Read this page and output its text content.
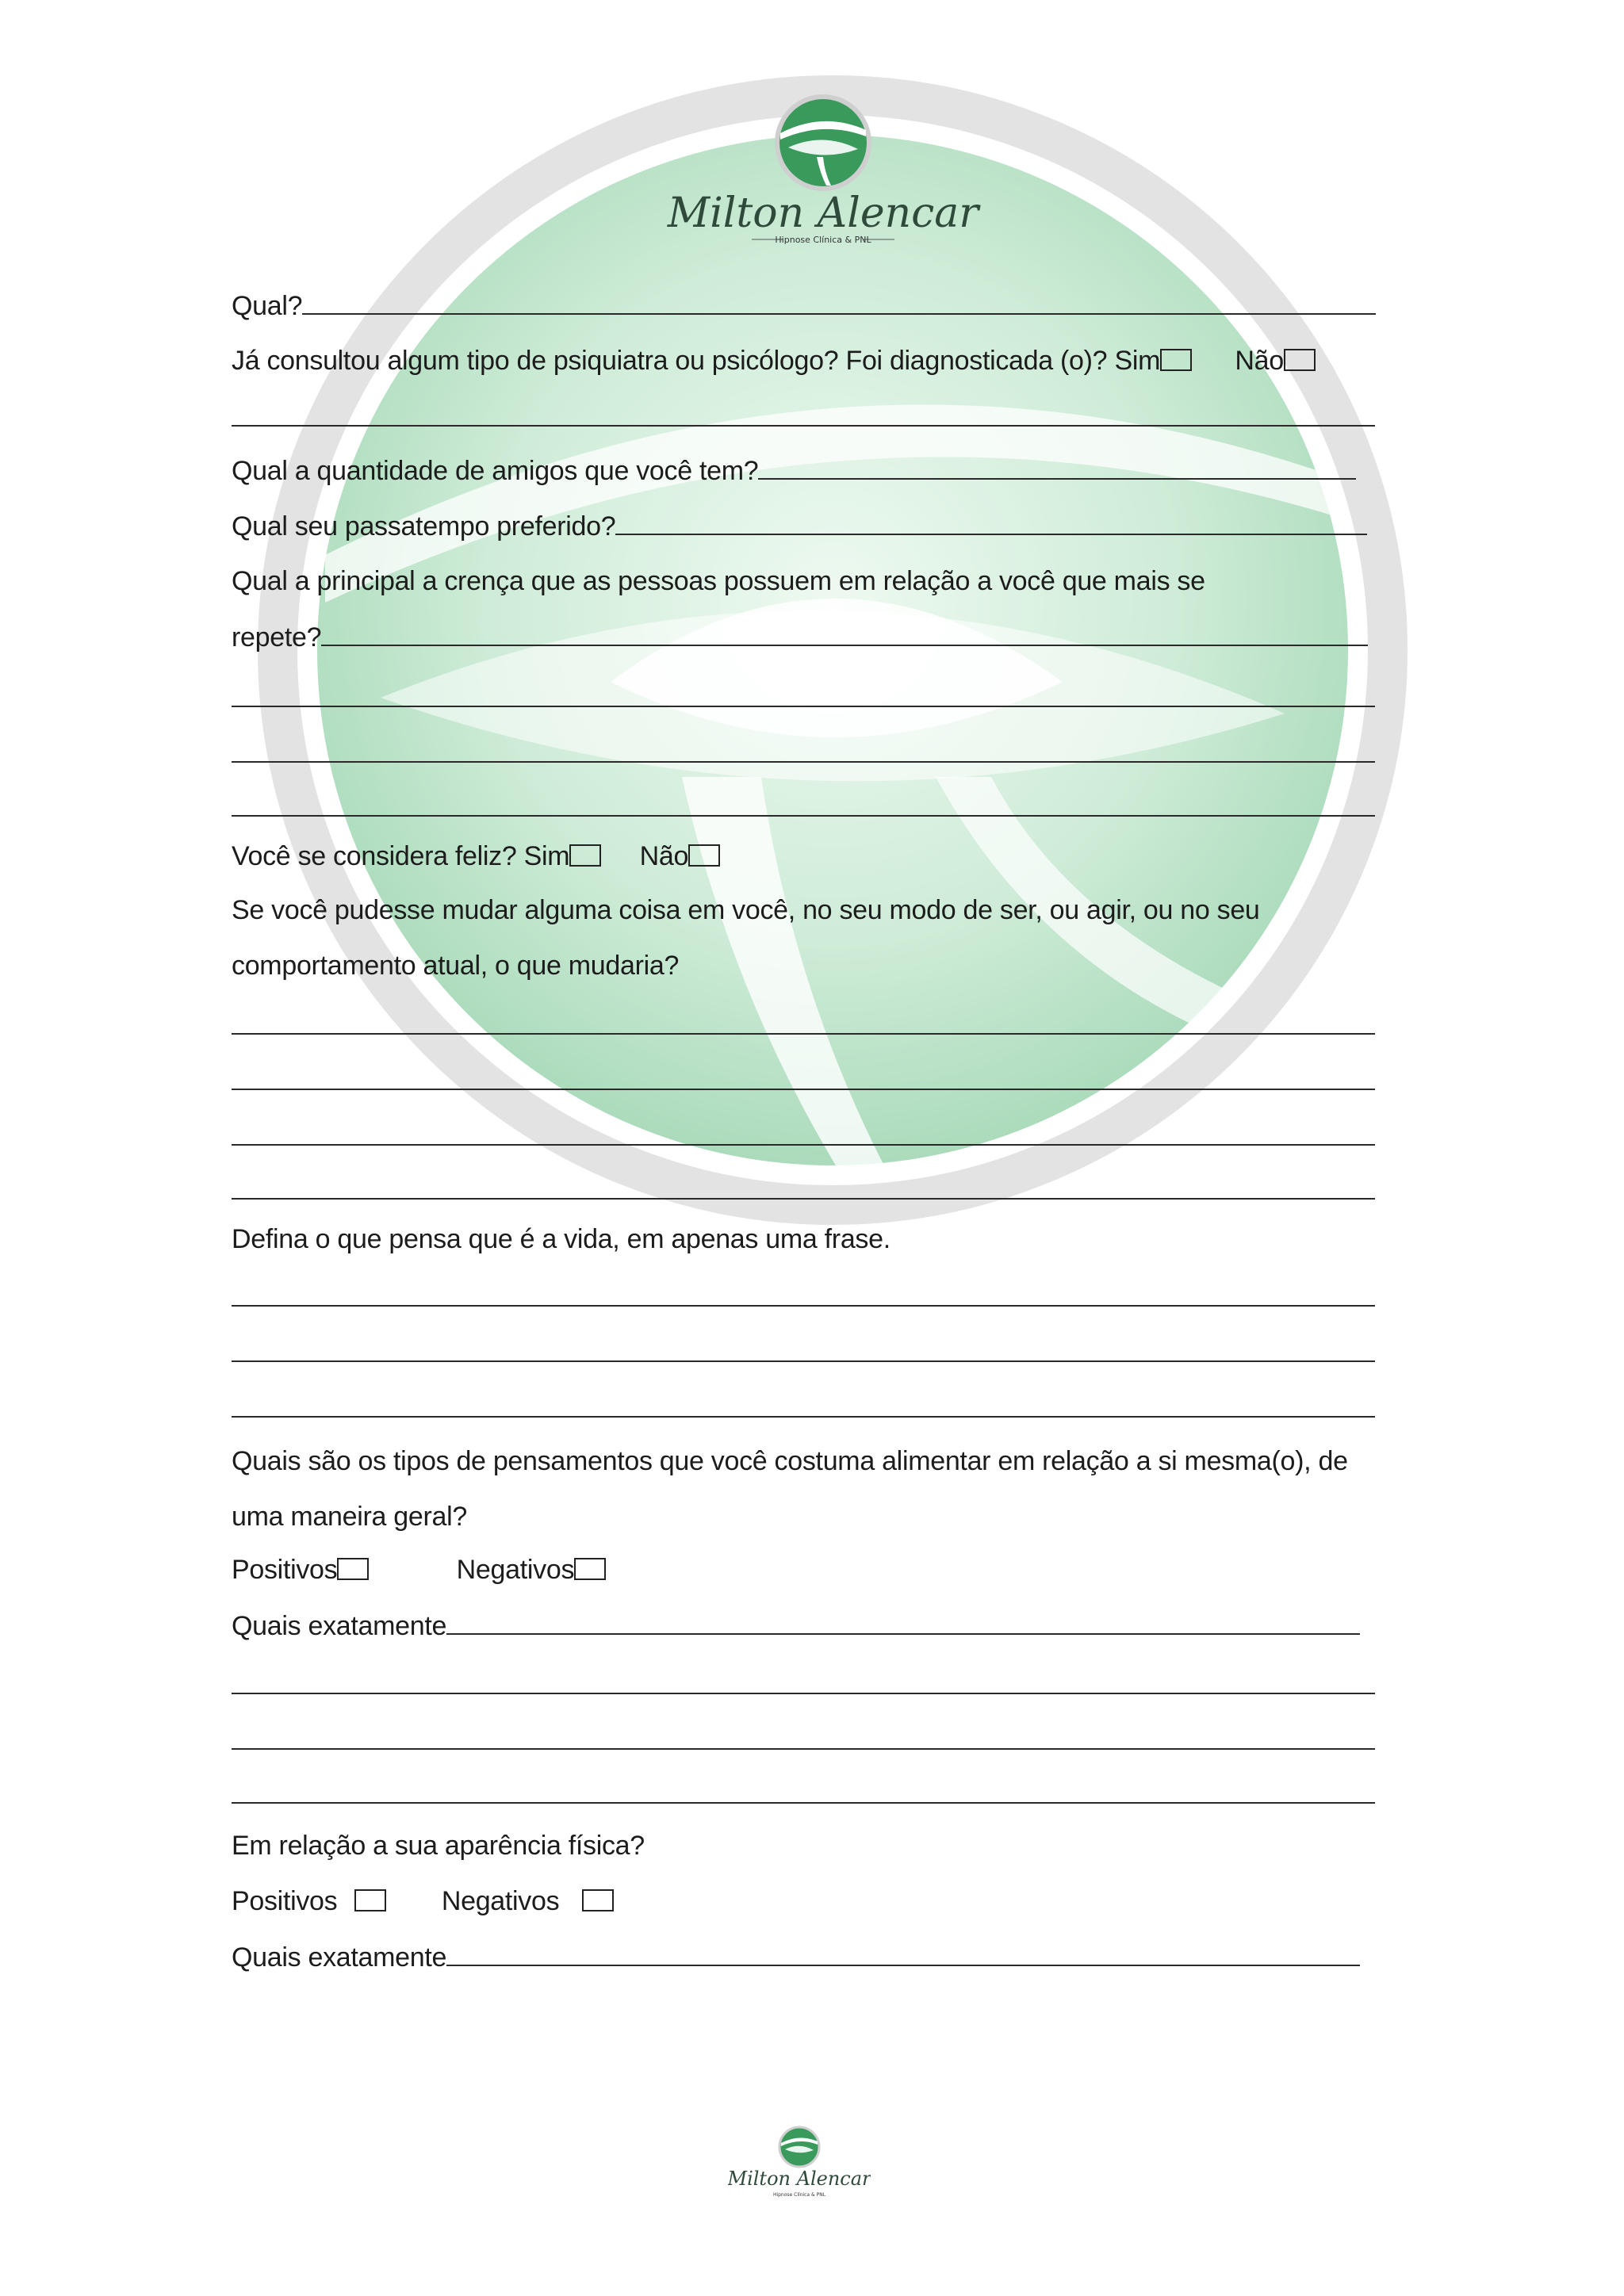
Milton Alencar
Hipnose Clínica & PNL
Qual?
Já consultou algum tipo de psiquiatra ou psicólogo? Foi diagnosticada (o)? Sim	Não
Qual a quantidade de amigos que você tem?
Qual seu passatempo preferido?
Qual a principal a crença que as pessoas possuem em relação a você que mais se
repete?
Você se considera feliz? Sim	Não
Se você pudesse mudar alguma coisa em você, no seu modo de ser, ou agir, ou no seu
comportamento atual, o que mudaria?
Defina o que pensa que é a vida, em apenas uma frase.
Quais são os tipos de pensamentos que você costuma alimentar em relação a si mesma(o), de
uma maneira geral?
Positivos	Negativos
Quais exatamente
Em relação a sua aparência física?
Positivos	Negativos
Quais exatamente
Milton Alencar
Hipnose Clínica & PNL
